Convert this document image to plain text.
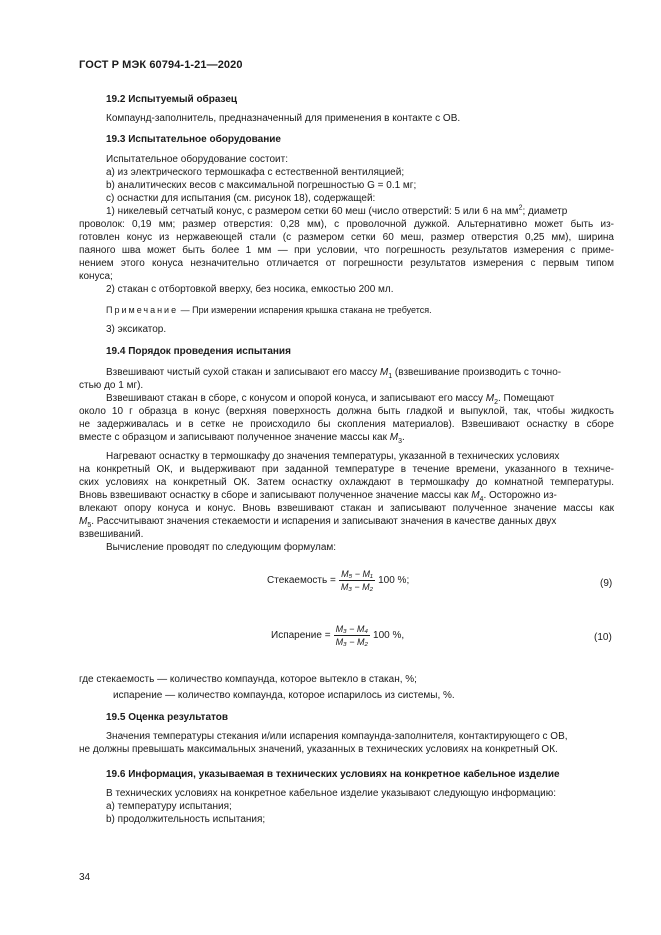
ГОСТ Р МЭК 60794-1-21—2020
19.2 Испытуемый образец
Компаунд-заполнитель, предназначенный для применения в контакте с ОВ.
19.3 Испытательное оборудование
Испытательное оборудование состоит:
а) из электрического термошкафа с естественной вентиляцией;
b) аналитических весов с максимальной погрешностью G = 0.1 мг;
с) оснастки для испытания (см. рисунок 18), содержащей:
1) никелевый сетчатый конус, с размером сетки 60 меш (число отверстий: 5 или 6 на $мм^2$; диаметр
проволок: 0,19 мм; размер отверстия: 0,28 мм), с проволочной дужкой. Альтернативно может быть из-
готовлен конус из нержавеющей стали (с размером сетки 60 меш, размер отверстия 0,25 мм), ширина
паяного шва может быть более 1 мм — при условии, что погрешность результатов измерения с приме-
нением этого конуса незначительно отличается от погрешности результатов измерения с первым типом
конуса;
2) стакан с отбортовкой вверху, без носика, емкостью 200 мл.
Примечание — При измерении испарения крышка стакана не требуется.
3) эксикатор.
19.4 Порядок проведения испытания
Взвешивают чистый сухой стакан и записывают его массу $M_1$ (взвешивание производить с точно-
стью до 1 мг).
Взвешивают стакан в сборе, с конусом и опорой конуса, и записывают его массу $M_2$. Помещают
около 10 г образца в конус (верхняя поверхность должна быть гладкой и выпуклой, так, чтобы жидкость
не задерживалась и в сетке не происходило бы скопления материалов). Взвешивают оснастку в сборе
вместе с образцом и записывают полученное значение массы как $M_3$.
Нагревают оснастку в термошкафу до значения температуры, указанной в технических условиях
на конкретный ОК, и выдерживают при заданной температуре в течение времени, указанного в техниче-
ских условиях на конкретный ОК. Затем оснастку охлаждают в термошкафу до комнатной температуры.
Вновь взвешивают оснастку в сборе и записывают полученное значение массы как $M_4$. Осторожно из-
влекают опору конуса и конус. Вновь взвешивают стакан и записывают полученное значение массы как
$M_5$. Рассчитывают значения стекаемости и испарения и записывают значения в качестве данных двух
взвешиваний.
Вычисление проводят по следующим формулам:
Стекаемость = $\frac{\text{M₅ − M₁}}{\text{M₃ − M₂}} 100$ %;	(9)
Испарение = $\frac{\text{M₃ − M₄}}{\text{M₃ − M₂}} 100$ %,	(10)
где стекаемость — количество компаунда, которое вытекло в стакан, %;
испарение — количество компаунда, которое испарилось из системы, %.
19.5 Оценка результатов
Значения температуры стекания и/или испарения компаунда-заполнителя, контактирующего с ОВ,
не должны превышать максимальных значений, указанных в технических условиях на конкретный ОК.
19.6 Информация, указываемая в технических условиях на конкретное кабельное изделие
В технических условиях на конкретное кабельное изделие указывают следующую информацию:
а) температуру испытания;
b) продолжительность испытания;
34
